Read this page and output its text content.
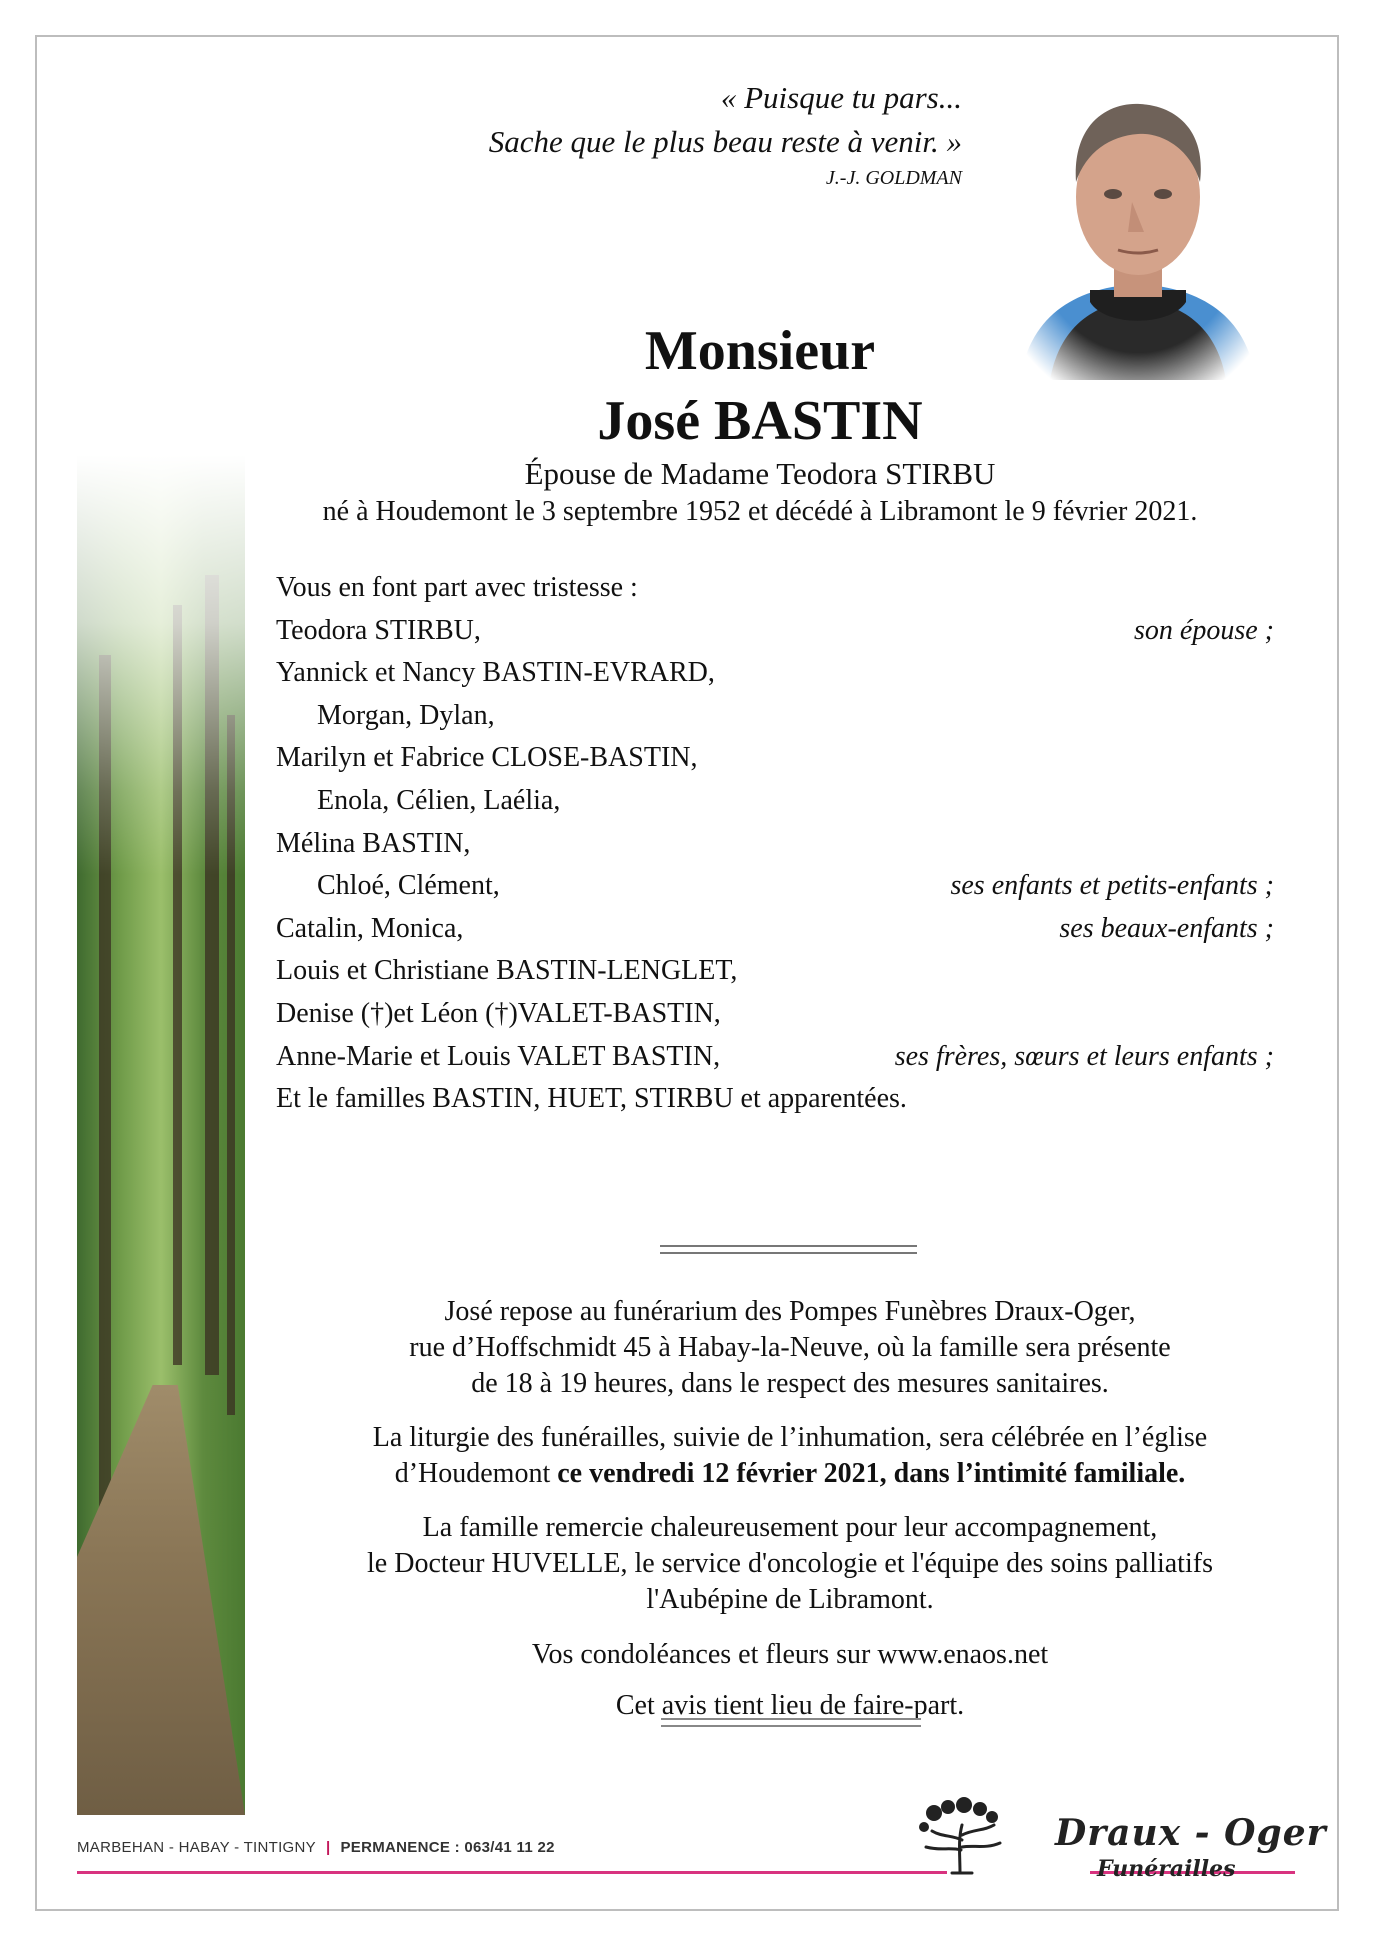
« Puisque tu pars...
Sache que le plus beau reste à venir. »
J.-J. GOLDMAN
Monsieur
José BASTIN
Épouse de Madame Teodora STIRBU
né à Houdemont le 3 septembre 1952 et décédé à Libramont le 9 février 2021.
Vous en font part avec tristesse :
Teodora STIRBU,	son épouse ;
Yannick et Nancy BASTIN-EVRARD,
Morgan, Dylan,
Marilyn et Fabrice CLOSE-BASTIN,
Enola, Célien, Laélia,
Mélina BASTIN,
Chloé, Clément,	ses enfants et petits-enfants ;
Catalin, Monica,	ses beaux-enfants ;
Louis et Christiane BASTIN-LENGLET,
Denise (†)et Léon (†)VALET-BASTIN,
Anne-Marie et Louis VALET BASTIN,	ses frères, sœurs et leurs enfants ;
Et le familles BASTIN, HUET, STIRBU et apparentées.
José repose au funérarium des Pompes Funèbres Draux-Oger,
rue d’Hoffschmidt 45 à Habay-la-Neuve, où la famille sera présente
de 18 à 19 heures, dans le respect des mesures sanitaires.
La liturgie des funérailles, suivie de l’inhumation, sera célébrée en l’église
d’Houdemont ce vendredi 12 février 2021, dans l’intimité familiale.
La famille remercie chaleureusement pour leur accompagnement,
le Docteur HUVELLE, le service d'oncologie et l'équipe des soins palliatifs
l'Aubépine de Libramont.
Vos condoléances et fleurs sur www.enaos.net
Cet avis tient lieu de faire-part.
MARBEHAN - HABAY - TINTIGNY | PERMANENCE : 063/41 11 22	Draux - Oger
Funérailles
